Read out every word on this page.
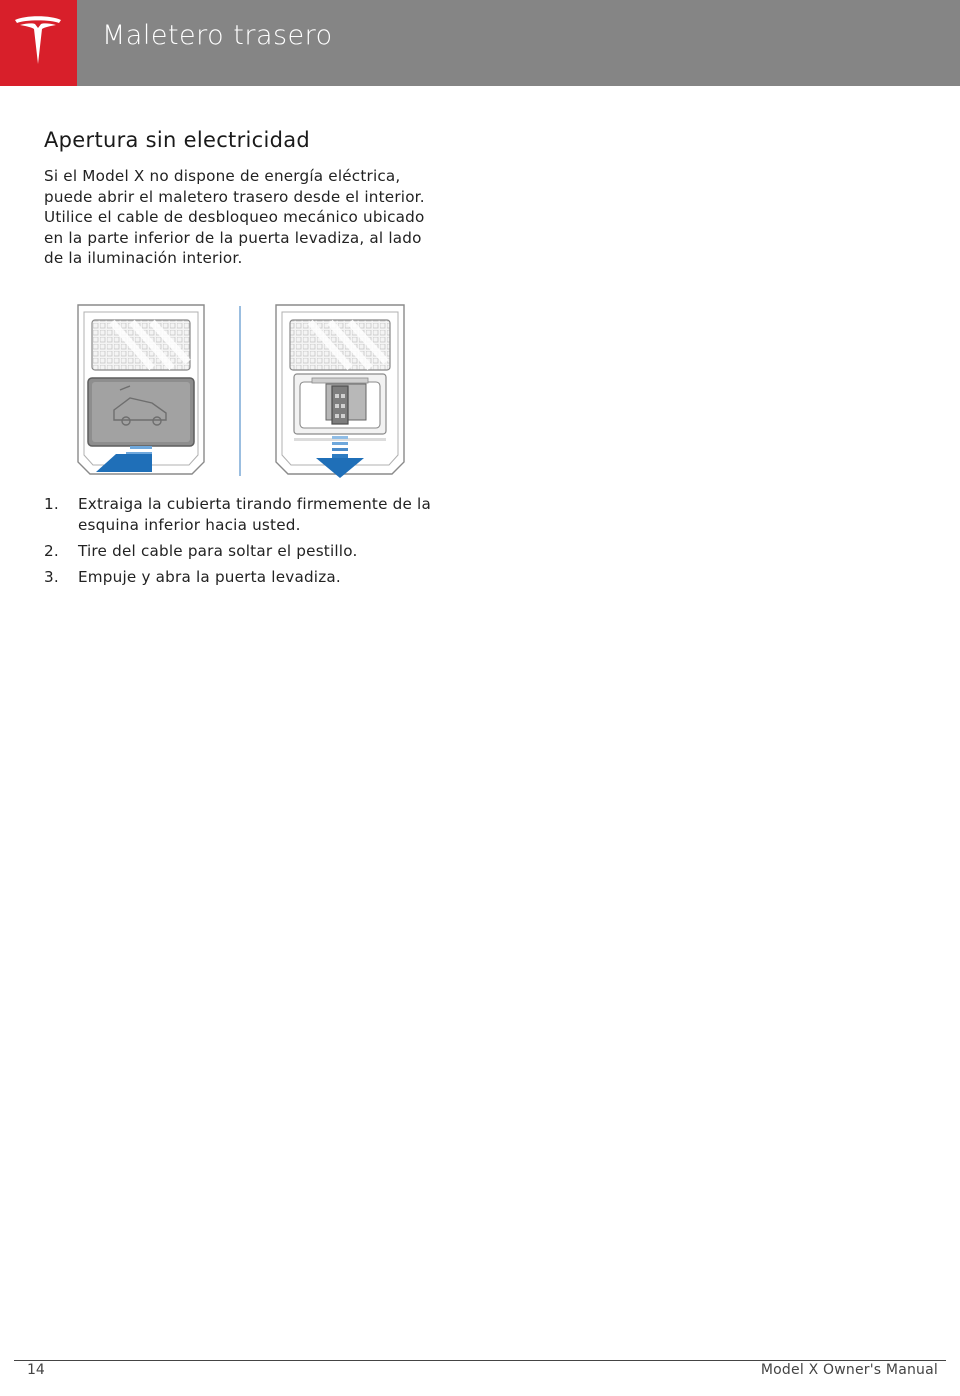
Maletero trasero
Apertura sin electricidad

Si el Model X no dispone de energía eléctrica, puede abrir el maletero trasero desde el interior. Utilice el cable de desbloqueo mecánico ubicado en la parte inferior de la puerta levadiza, al lado de la iluminación interior.

1. Extraiga la cubierta tirando firmemente de la esquina inferior hacia usted.
2. Tire del cable para soltar el pestillo.
3. Empuje y abra la puerta levadiza.
14	Model X Owner's Manual
